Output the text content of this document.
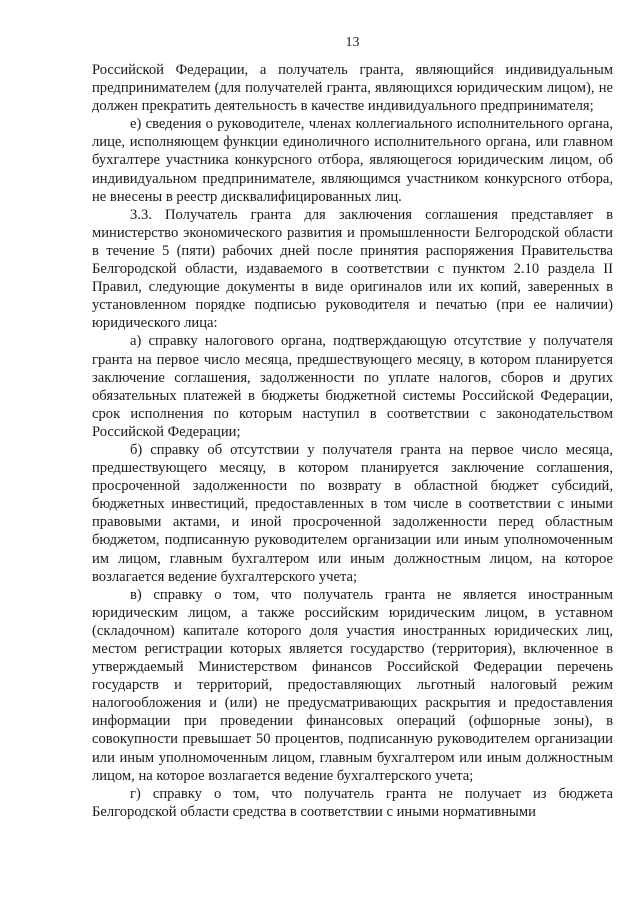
13

Российской Федерации, а получатель гранта, являющийся индивидуальным предпринимателем (для получателей гранта, являющихся юридическим лицом), не должен прекратить деятельность в качестве индивидуального предпринимателя;

е) сведения о руководителе, членах коллегиального исполнительного органа, лице, исполняющем функции единоличного исполнительного органа, или главном бухгалтере участника конкурсного отбора, являющегося юридическим лицом, об индивидуальном предпринимателе, являющимся участником конкурсного отбора, не внесены в реестр дисквалифицированных лиц.

3.3. Получатель гранта для заключения соглашения представляет в министерство экономического развития и промышленности Белгородской области в течение 5 (пяти) рабочих дней после принятия распоряжения Правительства Белгородской области, издаваемого в соответствии с пунктом 2.10 раздела II Правил, следующие документы в виде оригиналов или их копий, заверенных в установленном порядке подписью руководителя и печатью (при ее наличии) юридического лица:

а) справку налогового органа, подтверждающую отсутствие у получателя гранта на первое число месяца, предшествующего месяцу, в котором планируется заключение соглашения, задолженности по уплате налогов, сборов и других обязательных платежей в бюджеты бюджетной системы Российской Федерации, срок исполнения по которым наступил в соответствии с законодательством Российской Федерации;

б) справку об отсутствии у получателя гранта на первое число месяца, предшествующего месяцу, в котором планируется заключение соглашения, просроченной задолженности по возврату в областной бюджет субсидий, бюджетных инвестиций, предоставленных в том числе в соответствии с иными правовыми актами, и иной просроченной задолженности перед областным бюджетом, подписанную руководителем организации или иным уполномоченным им лицом, главным бухгалтером или иным должностным лицом, на которое возлагается ведение бухгалтерского учета;

в) справку о том, что получатель гранта не является иностранным юридическим лицом, а также российским юридическим лицом, в уставном (складочном) капитале которого доля участия иностранных юридических лиц, местом регистрации которых является государство (территория), включенное в утверждаемый Министерством финансов Российской Федерации перечень государств и территорий, предоставляющих льготный налоговый режим налогообложения и (или) не предусматривающих раскрытия и предоставления информации при проведении финансовых операций (офшорные зоны), в совокупности превышает 50 процентов, подписанную руководителем организации или иным уполномоченным лицом, главным бухгалтером или иным должностным лицом, на которое возлагается ведение бухгалтерского учета;

г) справку о том, что получатель гранта не получает из бюджета Белгородской области средства в соответствии с иными нормативными
